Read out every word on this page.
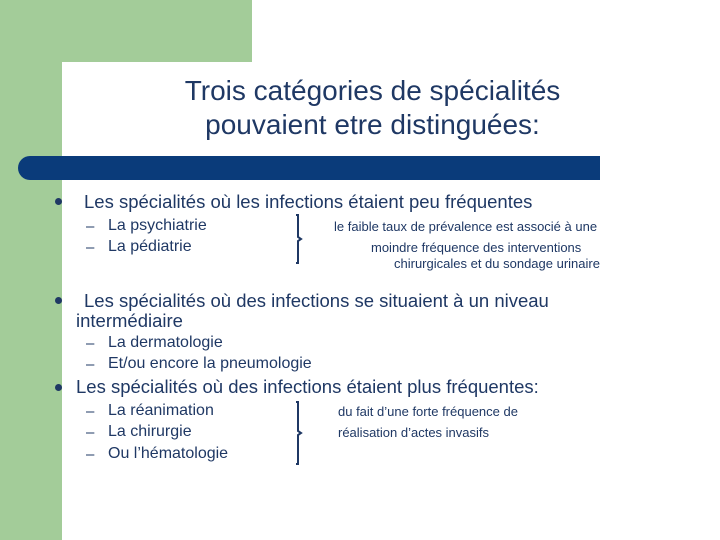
Trois catégories de spécialités
pouvaient etre distinguées:
Les spécialités où les infections étaient peu fréquentes
– La psychiatrie
– La pédiatrie
le faible taux de prévalence est associé à une
moindre fréquence des interventions
chirurgicales et du sondage urinaire
Les spécialités où des infections se situaient à un niveau
intermédiaire
– La dermatologie
– Et/ou encore la pneumologie
Les spécialités où des infections étaient plus fréquentes:
– La réanimation
– La chirurgie
– Ou l’hématologie
du fait d’une forte fréquence de
réalisation d’actes invasifs
